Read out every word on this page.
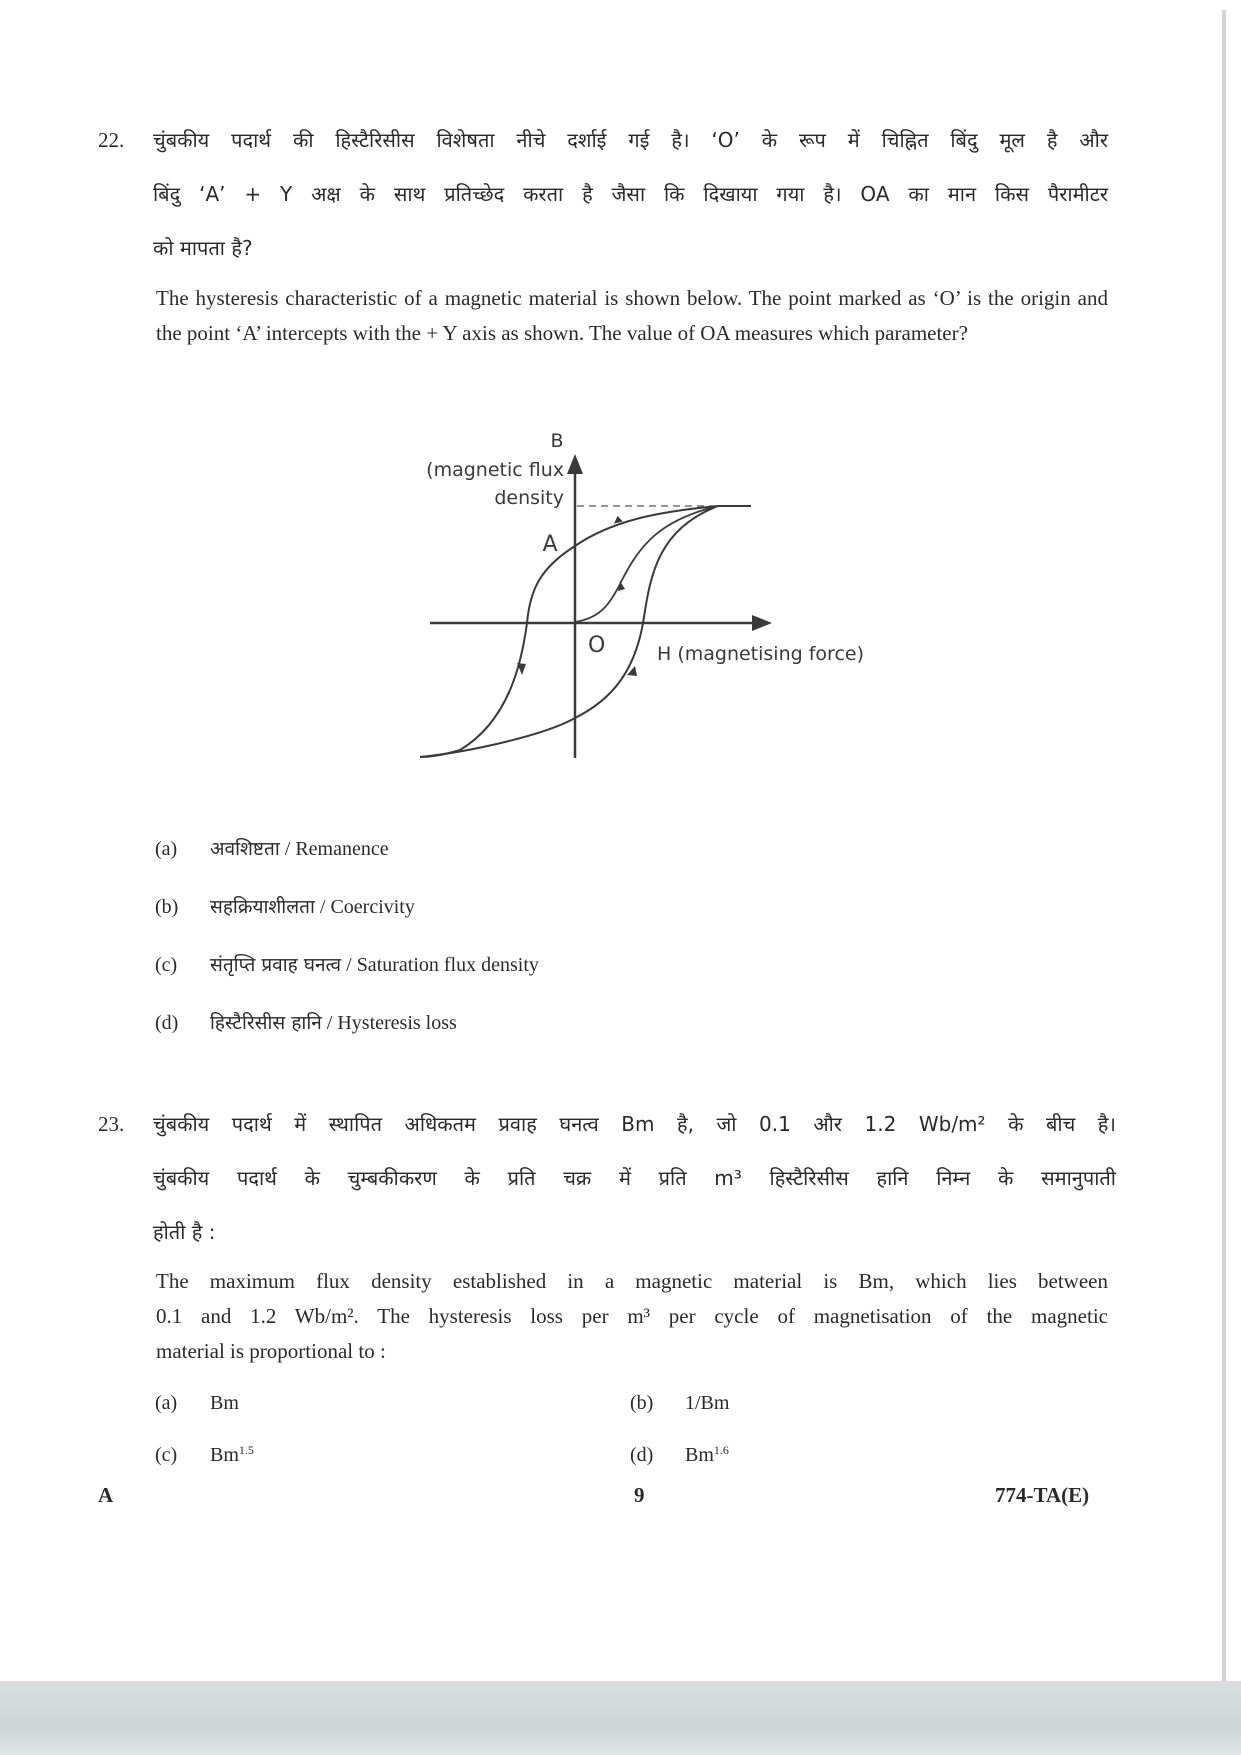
22. चुंबकीय पदार्थ की हिस्टैरिसीस विशेषता नीचे दर्शाई गई है। ‘O’ के रूप में चिह्नित बिंदु मूल है और
बिंदु ‘A’ + Y अक्ष के साथ प्रतिच्छेद करता है जैसा कि दिखाया गया है। OA का मान किस पैरामीटर
को मापता है?
The hysteresis characteristic of a magnetic material is shown below. The point marked as ‘O’ is the origin and the point ‘A’ intercepts with the + Y axis as shown. The value of OA measures which parameter?
B
(magnetic flux
density
A
O	H (magnetising force)
(a) अवशिष्टता / Remanence
(b) सहक्रियाशीलता / Coercivity
(c) संतृप्ति प्रवाह घनत्व / Saturation flux density
(d) हिस्टैरिसीस हानि / Hysteresis loss
23. चुंबकीय पदार्थ में स्थापित अधिकतम प्रवाह घनत्व Bm है, जो 0.1 और 1.2 Wb/m² के बीच है।
चुंबकीय पदार्थ के चुम्बकीकरण के प्रति चक्र में प्रति m³ हिस्टैरिसीस हानि निम्न के समानुपाती
होती है :
The maximum flux density established in a magnetic material is Bm, which lies between
0.1 and 1.2 Wb/m². The hysteresis loss per m³ per cycle of magnetisation of the magnetic
material is proportional to :
(a) Bm	(b) 1/Bm
(c) $Bm^{1.5}$	(d) $Bm^{1.6}$
A	9	774-TA(E)
